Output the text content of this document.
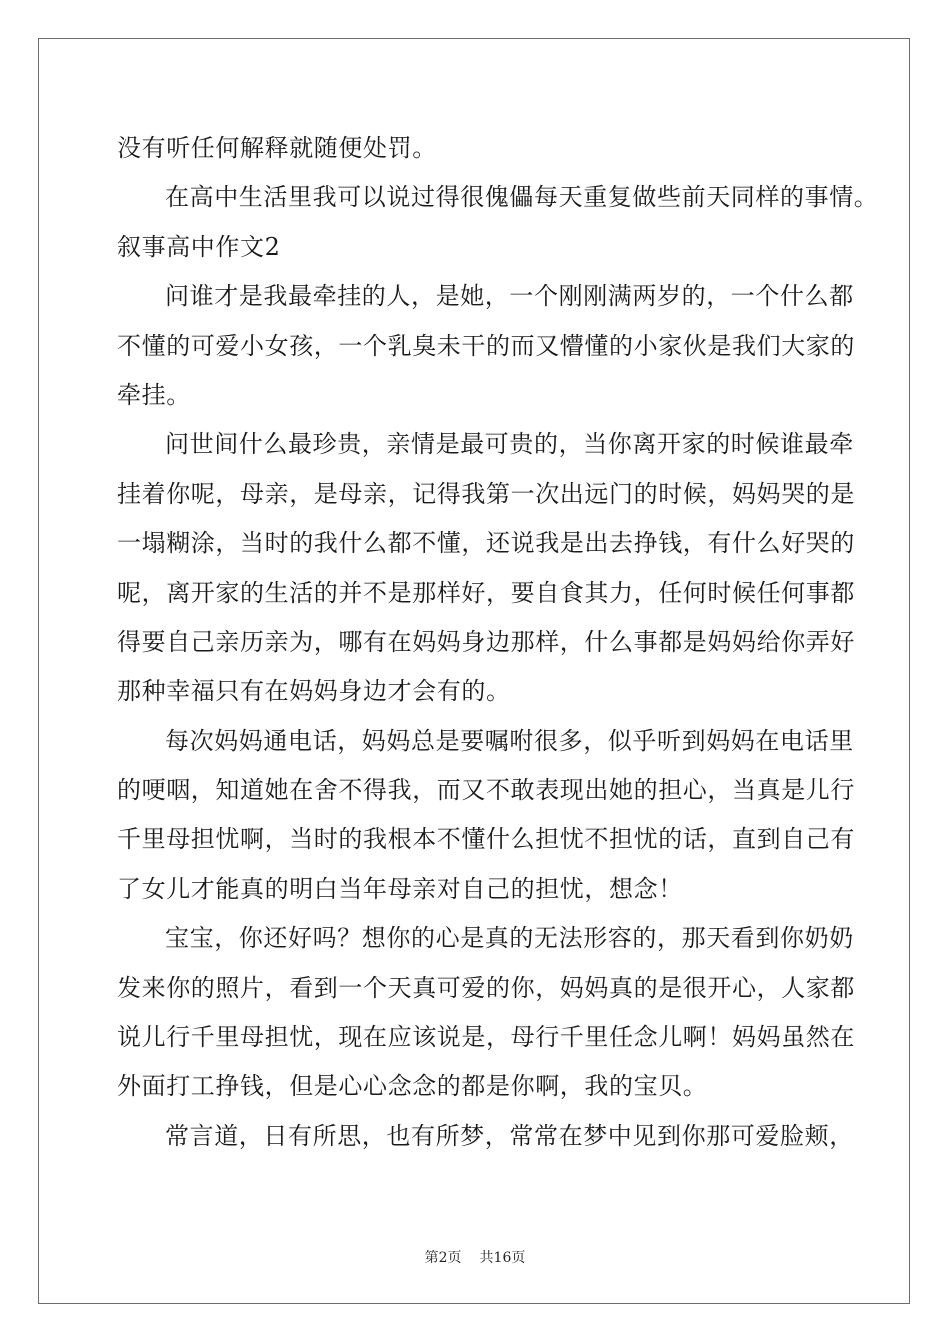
没有听任何解释就随便处罚。
在高中生活里我可以说过得很傀儡每天重复做些前天同样的事情。
叙事高中作文2
问谁才是我最牵挂的人，是她，一个刚刚满两岁的，一个什么都
不懂的可爱小女孩，一个乳臭未干的而又懵懂的小家伙是我们大家的
牵挂。
问世间什么最珍贵，亲情是最可贵的，当你离开家的时候谁最牵
挂着你呢，母亲，是母亲，记得我第一次出远门的时候，妈妈哭的是
一塌糊涂，当时的我什么都不懂，还说我是出去挣钱，有什么好哭的
呢，离开家的生活的并不是那样好，要自食其力，任何时候任何事都
得要自己亲历亲为，哪有在妈妈身边那样，什么事都是妈妈给你弄好
那种幸福只有在妈妈身边才会有的。
每次妈妈通电话，妈妈总是要嘱咐很多，似乎听到妈妈在电话里
的哽咽，知道她在舍不得我，而又不敢表现出她的担心，当真是儿行
千里母担忧啊，当时的我根本不懂什么担忧不担忧的话，直到自己有
了女儿才能真的明白当年母亲对自己的担忧，想念！
宝宝，你还好吗？想你的心是真的无法形容的，那天看到你奶奶
发来你的照片，看到一个天真可爱的你，妈妈真的是很开心，人家都
说儿行千里母担忧，现在应该说是，母行千里任念儿啊！妈妈虽然在
外面打工挣钱，但是心心念念的都是你啊，我的宝贝。
常言道，日有所思，也有所梦，常常在梦中见到你那可爱脸颊，
第2页 共16页
